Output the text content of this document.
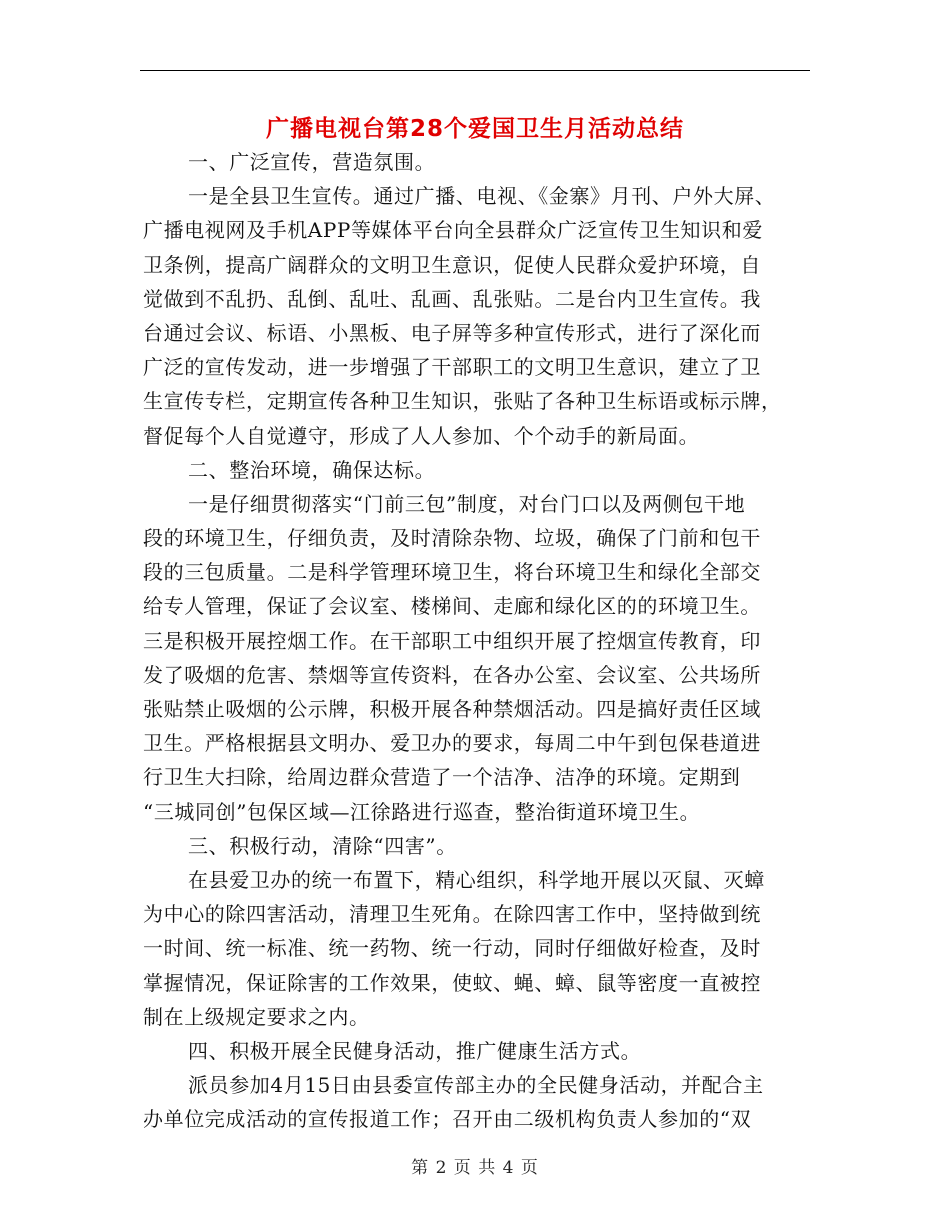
广播电视台第28个爱国卫生月活动总结
一、广泛宣传，营造氛围。
一是全县卫生宣传。通过广播、电视、《金寨》月刊、户外大屏、
广播电视网及手机APP等媒体平台向全县群众广泛宣传卫生知识和爱
卫条例，提高广阔群众的文明卫生意识，促使人民群众爱护环境，自
觉做到不乱扔、乱倒、乱吐、乱画、乱张贴。二是台内卫生宣传。我
台通过会议、标语、小黑板、电子屏等多种宣传形式，进行了深化而
广泛的宣传发动，进一步增强了干部职工的文明卫生意识，建立了卫
生宣传专栏，定期宣传各种卫生知识，张贴了各种卫生标语或标示牌，
督促每个人自觉遵守，形成了人人参加、个个动手的新局面。
二、整治环境，确保达标。
一是仔细贯彻落实“门前三包”制度，对台门口以及两侧包干地
段的环境卫生，仔细负责，及时清除杂物、垃圾，确保了门前和包干
段的三包质量。二是科学管理环境卫生，将台环境卫生和绿化全部交
给专人管理，保证了会议室、楼梯间、走廊和绿化区的的环境卫生。
三是积极开展控烟工作。在干部职工中组织开展了控烟宣传教育，印
发了吸烟的危害、禁烟等宣传资料，在各办公室、会议室、公共场所
张贴禁止吸烟的公示牌，积极开展各种禁烟活动。四是搞好责任区域
卫生。严格根据县文明办、爱卫办的要求，每周二中午到包保巷道进
行卫生大扫除，给周边群众营造了一个洁净、洁净的环境。定期到
“三城同创”包保区域—江徐路进行巡查，整治街道环境卫生。
三、积极行动，清除“四害”。
在县爱卫办的统一布置下，精心组织，科学地开展以灭鼠、灭蟑
为中心的除四害活动，清理卫生死角。在除四害工作中，坚持做到统
一时间、统一标准、统一药物、统一行动，同时仔细做好检查，及时
掌握情况，保证除害的工作效果，使蚊、蝇、蟑、鼠等密度一直被控
制在上级规定要求之内。
四、积极开展全民健身活动，推广健康生活方式。
派员参加4月15日由县委宣传部主办的全民健身活动，并配合主
办单位完成活动的宣传报道工作；召开由二级机构负责人参加的“双
第 2 页 共 4 页
